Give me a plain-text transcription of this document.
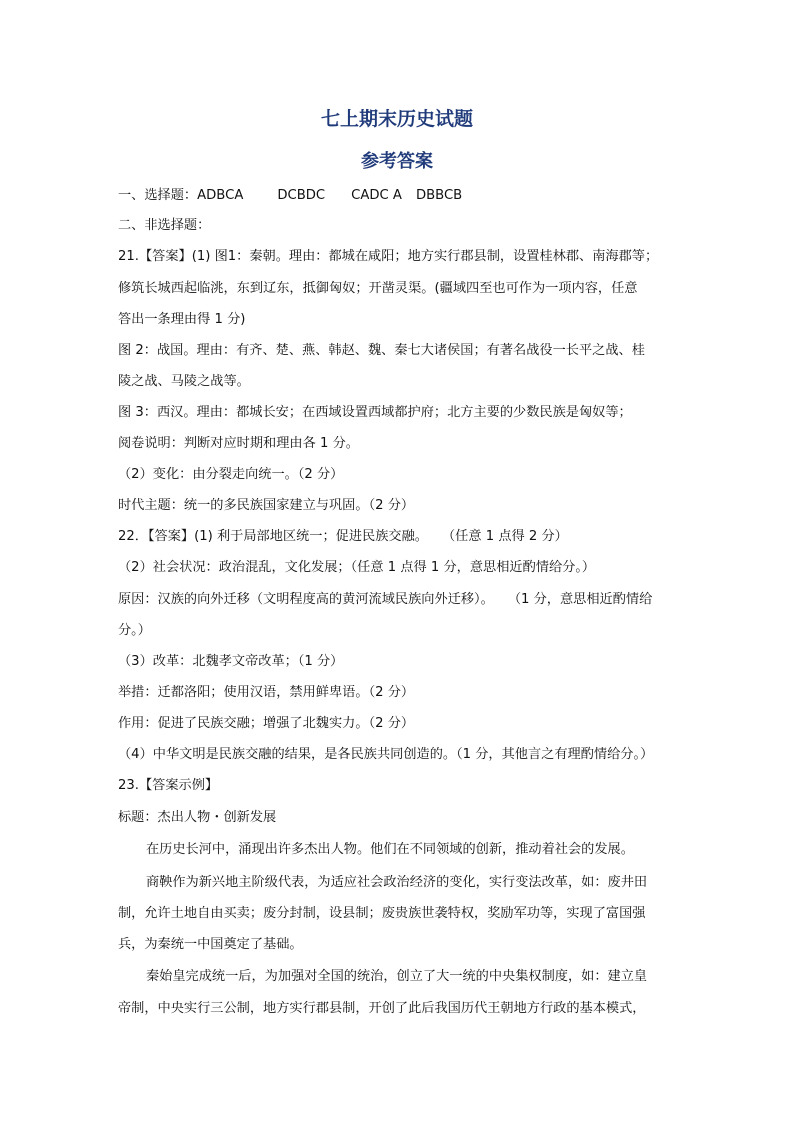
七上期末历史试题
参考答案

一、选择题：ADBCA	DCBDC CADC A DBBCB

二、非选择题：

21.【答案】(1) 图1：秦朝。理由：都城在咸阳；地方实行郡县制，设置桂林郡、南海郡等；

修筑长城西起临洮，东到辽东，抵御匈奴；开凿灵渠。(疆域四至也可作为一项内容，任意

答出一条理由得 1 分)

图 2：战国。理由：有齐、楚、燕、韩赵、魏、秦七大诸侯国；有著名战役一长平之战、桂

陵之战、马陵之战等。

图 3：西汉。理由：都城长安；在西域设置西域都护府；北方主要的少数民族是匈奴等；

阅卷说明：判断对应时期和理由各 1 分。

（2）变化：由分裂走向统一。（2 分）

时代主题：统一的多民族国家建立与巩固。（2 分）

22．【答案】(1) 利于局部地区统一；促进民族交融。 （任意 1 点得 2 分）

（2）社会状况：政治混乱，文化发展；（任意 1 点得 1 分，意思相近酌情给分。）

原因：汉族的向外迁移（文明程度高的黄河流域民族向外迁移）。 （1 分，意思相近酌情给

分。）

（3）改革：北魏孝文帝改革；（1 分）

举措：迁都洛阳；使用汉语，禁用鲜卑语。（2 分）

作用：促进了民族交融；增强了北魏实力。（2 分）

（4）中华文明是民族交融的结果，是各民族共同创造的。（1 分，其他言之有理酌情给分。）

23.【答案示例】

标题：杰出人物・创新发展

在历史长河中，涌现出许多杰出人物。他们在不同领域的创新，推动着社会的发展。

商鞅作为新兴地主阶级代表，为适应社会政治经济的变化，实行变法改革，如：废井田

制，允许土地自由买卖；废分封制，设县制；废贵族世袭特权，奖励军功等，实现了富国强

兵，为秦统一中国奠定了基础。

秦始皇完成统一后，为加强对全国的统治，创立了大一统的中央集权制度，如：建立皇

帝制，中央实行三公制，地方实行郡县制，开创了此后我国历代王朝地方行政的基本模式，
